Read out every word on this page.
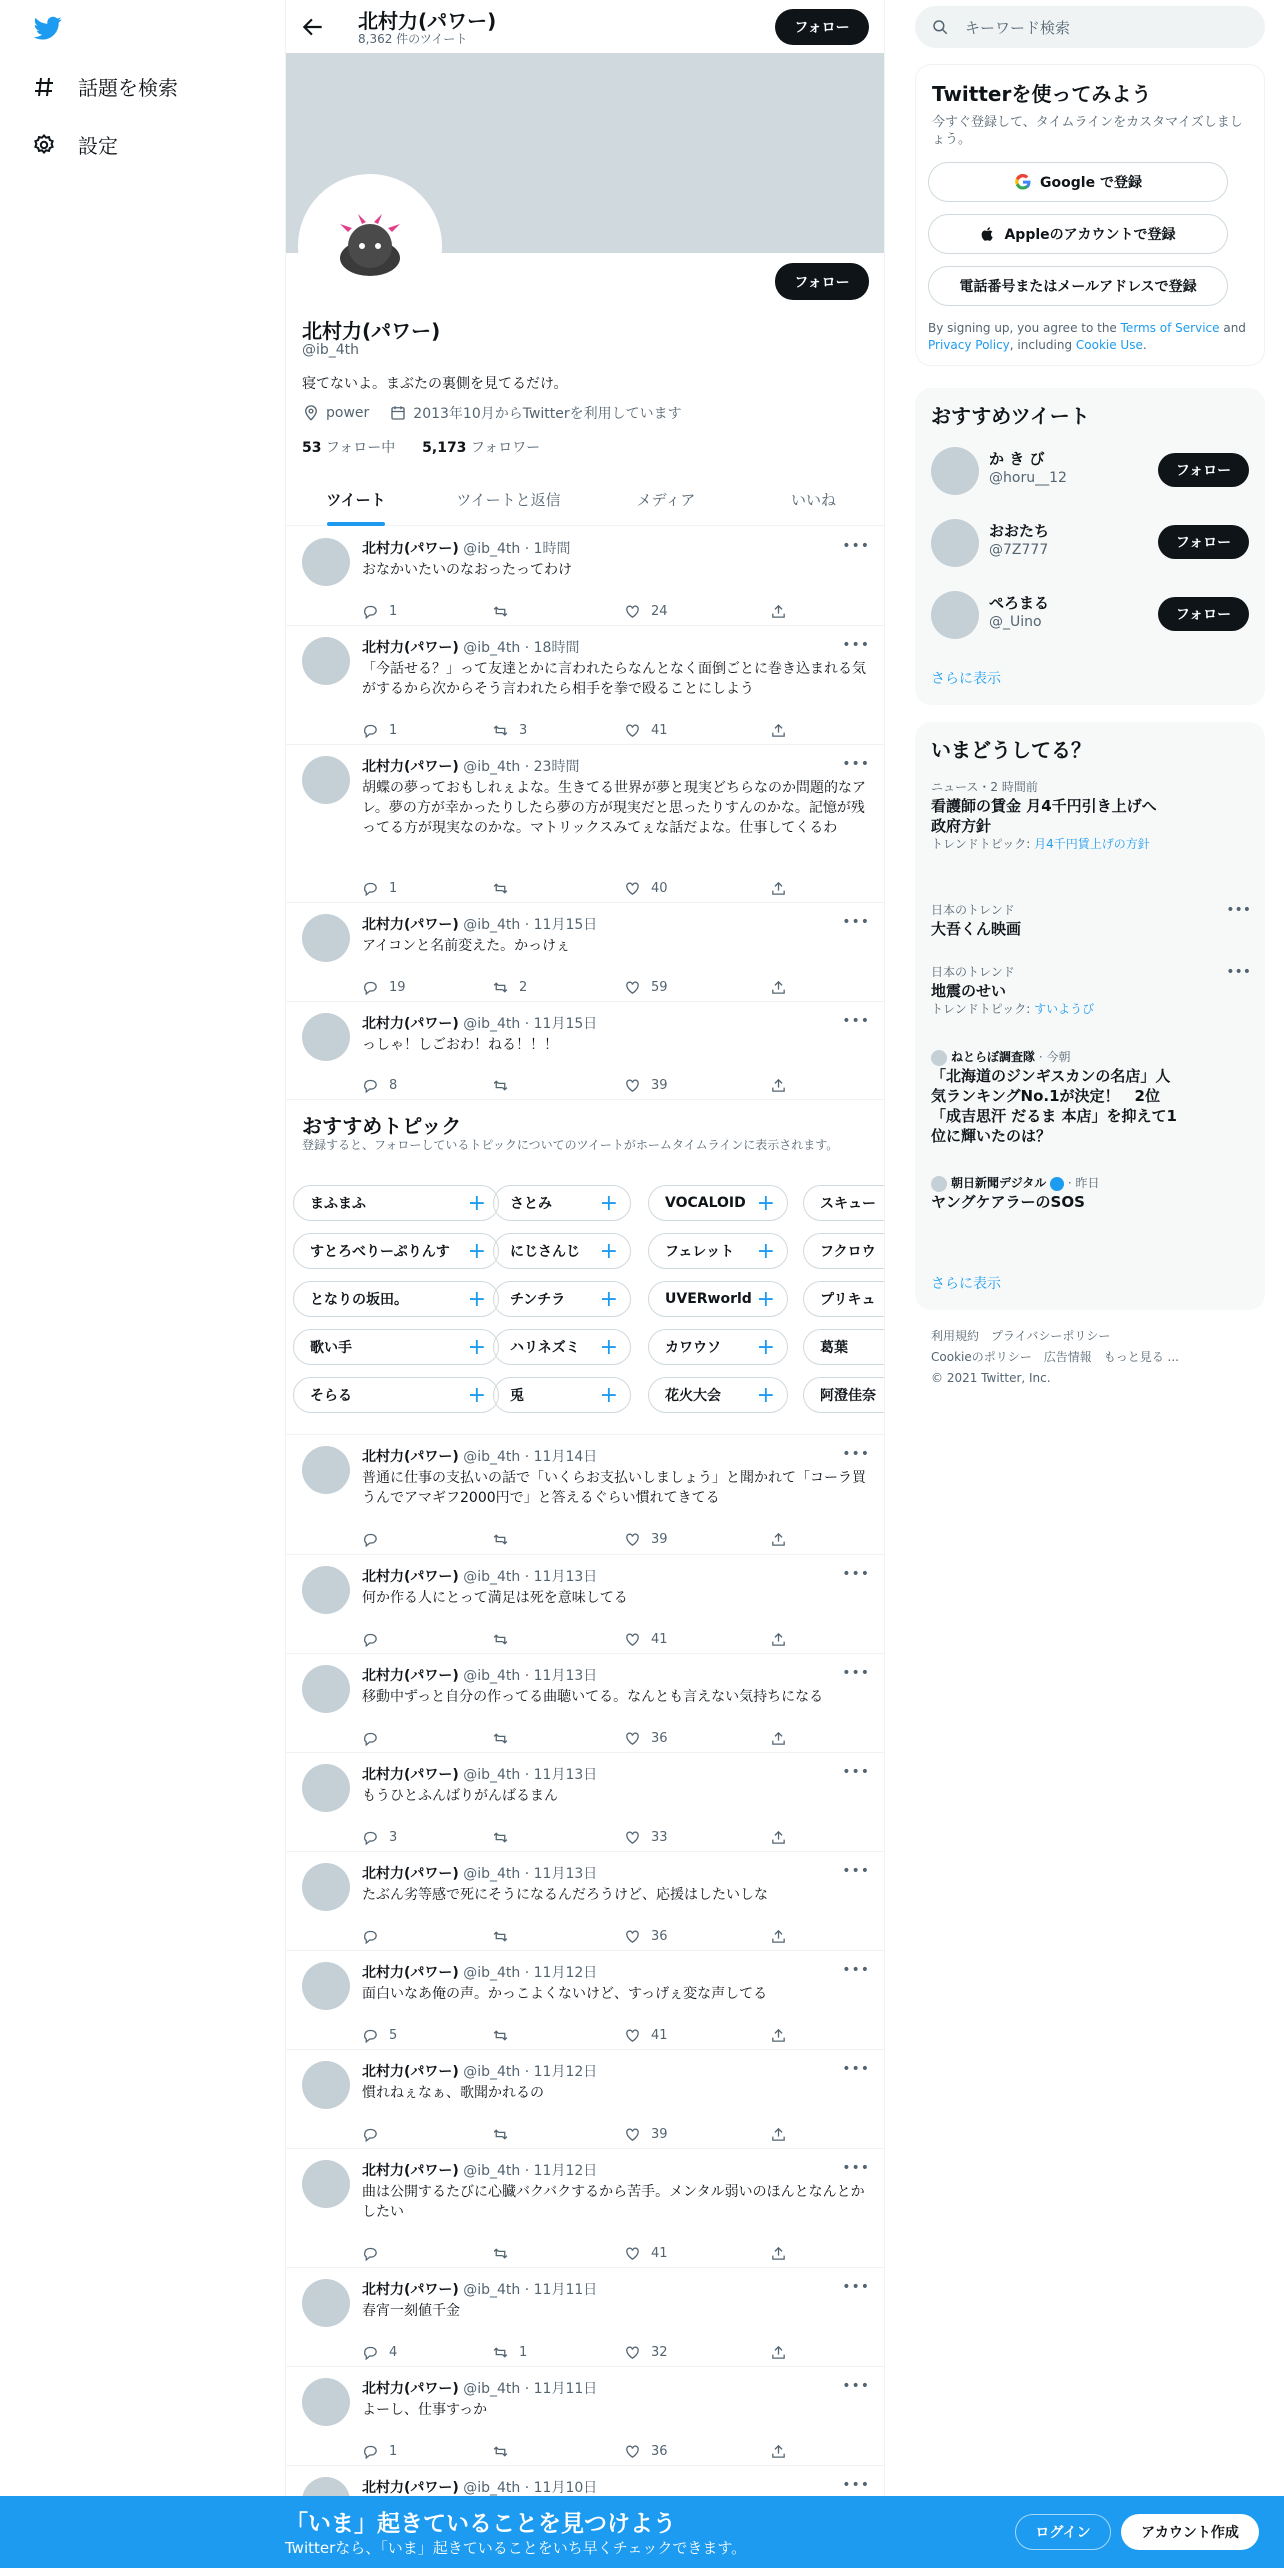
話題を検索
設定
北村力(パワー)
8,362 件のツイート
フォロー
フォロー
北村力(パワー)
@ib_4th
寝てないよ。まぶたの裏側を見てるだけ。
power	2013年10月からTwitterを利用しています
53 フォロー中 5,173 フォロワー
ツイート	ツイートと返信	メディア	いいね
北村力(パワー) @ib_4th · 1時間	•••
おなかいたいのなおったってわけ
1	24
北村力(パワー) @ib_4th · 18時間	•••
「今話せる？」って友達とかに言われたらなんとなく面倒ごとに巻き込まれる気がするから次からそう言われたら相手を拳で殴ることにしよう
1	3	41
北村力(パワー) @ib_4th · 23時間	•••
胡蝶の夢っておもしれぇよな。生きてる世界が夢と現実どちらなのか問題的なアレ。夢の方が幸かったりしたら夢の方が現実だと思ったりすんのかな。記憶が残ってる方が現実なのかな。マトリックスみてぇな話だよな。仕事してくるわ
1	40
北村力(パワー) @ib_4th · 11月15日	•••
アイコンと名前変えた。かっけぇ
19	2	59
北村力(パワー) @ib_4th · 11月15日	•••
っしゃ！しごおわ！ねる！！！
8	39
おすすめトピック

登録すると、フォローしているトピックについてのツイートがホームタイムラインに表示されます。

まふまふ	+ さとみ +	VOCALOID +	スキュー
すとろべりーぷりんす + にじさんじ +	フェレット +	フクロウ
となりの坂田。	+ チンチラ +	UVERworld +	プリキュ
歌い手	+ ハリネズミ +	カワウソ +	葛葉
そらる	+ 兎	+	花火大会 +	阿澄佳奈
北村力(パワー) @ib_4th · 11月14日	•••
普通に仕事の支払いの話で「いくらお支払いしましょう」と聞かれて「コーラ買うんでアマギフ2000円で」と答えるぐらい慣れてきてる
39
北村力(パワー) @ib_4th · 11月13日	•••
何か作る人にとって満足は死を意味してる
41
北村力(パワー) @ib_4th · 11月13日	•••
移動中ずっと自分の作ってる曲聴いてる。なんとも言えない気持ちになる
36
北村力(パワー) @ib_4th · 11月13日	•••
もうひとふんばりがんばるまん
3	33
北村力(パワー) @ib_4th · 11月13日	•••
たぶん劣等感で死にそうになるんだろうけど、応援はしたいしな
36
北村力(パワー) @ib_4th · 11月12日	•••
面白いなあ俺の声。かっこよくないけど、すっげぇ変な声してる
5	41
北村力(パワー) @ib_4th · 11月12日	•••
慣れねぇなぁ、歌聞かれるの
39
北村力(パワー) @ib_4th · 11月12日	•••
曲は公開するたびに心臓バクバクするから苦手。メンタル弱いのほんとなんとかしたい
41
北村力(パワー) @ib_4th · 11月11日	•••
春宵一刻値千金
4	1	32
北村力(パワー) @ib_4th · 11月11日	•••
よーし、仕事すっか
1	36
北村力(パワー) @ib_4th · 11月10日	•••
キーワード検索
Twitterを使ってみよう

今すぐ登録して、タイムラインをカスタマイズしましょう。

Google で登録
Appleのアカウントで登録
電話番号またはメールアドレスで登録
By signing up, you agree to the Terms of Service and Privacy Policy, including Cookie Use.
おすすめツイート
か き び
@horu__12	フォロー
おおたち
@7Z777	フォロー
ぺろまる
@_Uino	フォロー
さらに表示
いまどうしてる？
ニュース・2 時間前
看護師の賃金 月4千円引き上げへ 政府方針
トレンドトピック: 月4千円賃上げの方針
日本のトレンド
大吾くん映画
•••
日本のトレンド
地震のせい
トレンドトピック: すいようび
•••
ねとらぼ調査隊 · 今朝
「北海道のジンギスカンの名店」人気ランキングNo.1が決定！　2位「成吉思汗 だるま 本店」を抑えて1位に輝いたのは？
朝日新聞デジタル  · 昨日
ヤングケアラーのSOS
さらに表示
利用規約　プライバシーポリシー
Cookieのポリシー　広告情報　もっと見る ...
© 2021 Twitter, Inc.
「いま」起きていることを見つけよう
Twitterなら、「いま」起きていることをいち早くチェックできます。
ログイン	アカウント作成
